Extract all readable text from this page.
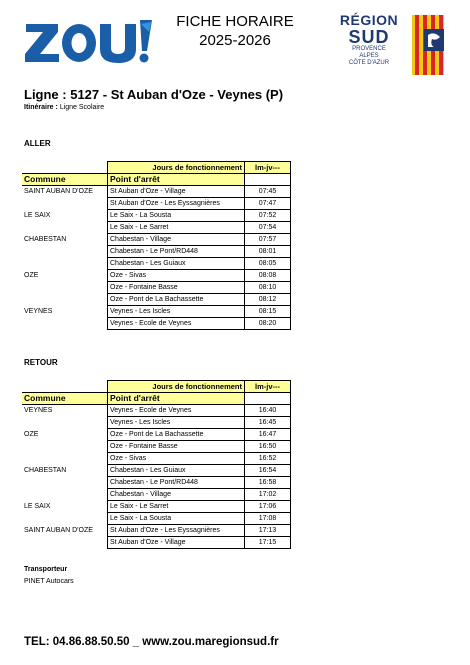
FICHE HORAIRE
2025-2026
RÉGION
SUD
PROVENCE
ALPES
CÔTE D'AZUR
Ligne : 5127 - St Auban d'Oze - Veynes (P)
Itinéraire : Ligne Scolaire
ALLER
	Jours de fonctionnement	lm-jv---
Commune	Point d'arrêt	
SAINT AUBAN D'OZE	St Auban d'Oze - Village	07:45
	St Auban d'Oze - Les Eyssagnières	07:47
LE SAIX	Le Saix - La Sousta	07:52
	Le Saix - Le Sarret	07:54
CHABESTAN	Chabestan - Village	07:57
	Chabestan - Le Pont/RD448	08:01
	Chabestan - Les Guiaux	08:05
OZE	Oze - Sivas	08:08
	Oze - Fontaine Basse	08:10
	Oze - Pont de La Bachassette	08:12
VEYNES	Veynes - Les Iscles	08:15
	Veynes - Ecole de Veynes	08:20
RETOUR
	Jours de fonctionnement	lm-jv---
Commune	Point d'arrêt	
VEYNES	Veynes - Ecole de Veynes	16:40
	Veynes - Les Iscles	16:45
OZE	Oze - Pont de La Bachassette	16:47
	Oze - Fontaine Basse	16:50
	Oze - Sivas	16:52
CHABESTAN	Chabestan - Les Guiaux	16:54
	Chabestan - Le Pont/RD448	16:58
	Chabestan - Village	17:02
LE SAIX	Le Saix - Le Sarret	17:06
	Le Saix - La Sousta	17:08
SAINT AUBAN D'OZE	St Auban d'Oze - Les Eyssagnières	17:13
	St Auban d'Oze - Village	17:15
Transporteur
PINET Autocars
TEL: 04.86.88.50.50 _ www.zou.maregionsud.fr
